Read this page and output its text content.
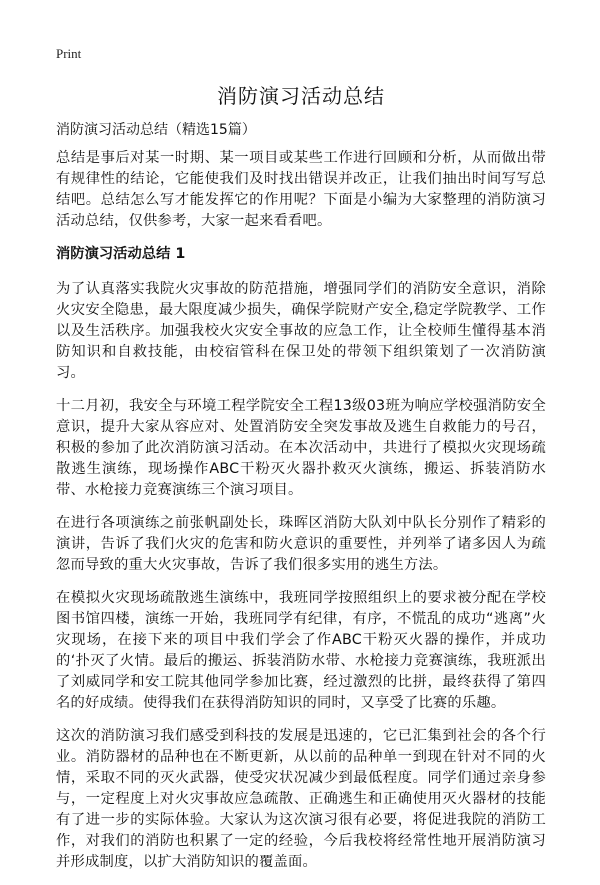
Print
消防演习活动总结

消防演习活动总结（精选15篇）

总结是事后对某一时期、某一项目或某些工作进行回顾和分析，从而做出带有规律性的结论，它能使我们及时找出错误并改正，让我们抽出时间写写总结吧。总结怎么写才能发挥它的作用呢？下面是小编为大家整理的消防演习活动总结，仅供参考，大家一起来看看吧。

消防演习活动总结 1

为了认真落实我院火灾事故的防范措施，增强同学们的消防安全意识，消除火灾安全隐患，最大限度减少损失，确保学院财产安全,稳定学院教学、工作以及生活秩序。加强我校火灾安全事故的应急工作，让全校师生懂得基本消防知识和自救技能，由校宿管科在保卫处的带领下组织策划了一次消防演习。

十二月初，我安全与环境工程学院安全工程13级03班为响应学校强消防安全意识，提升大家从容应对、处置消防安全突发事故及逃生自救能力的号召，积极的参加了此次消防演习活动。在本次活动中，共进行了模拟火灾现场疏散逃生演练，现场操作ABC干粉灭火器扑救灭火演练，搬运、拆装消防水带、水枪接力竞赛演练三个演习项目。

在进行各项演练之前张帆副处长，珠晖区消防大队刘中队长分别作了精彩的演讲，告诉了我们火灾的危害和防火意识的重要性，并列举了诸多因人为疏忽而导致的重大火灾事故，告诉了我们很多实用的逃生方法。

在模拟火灾现场疏散逃生演练中，我班同学按照组织上的要求被分配在学校图书馆四楼，演练一开始，我班同学有纪律，有序，不慌乱的成功“逃离”火灾现场，在接下来的项目中我们学会了作ABC干粉灭火器的操作，并成功的‘扑灭了火情。最后的搬运、拆装消防水带、水枪接力竞赛演练，我班派出了刘威同学和安工院其他同学参加比赛，经过激烈的比拼，最终获得了第四名的好成绩。使得我们在获得消防知识的同时，又享受了比赛的乐趣。

这次的消防演习我们感受到科技的发展是迅速的，它已汇集到社会的各个行业。消防器材的品种也在不断更新，从以前的品种单一到现在针对不同的火情，采取不同的灭火武器，使受灾状况减少到最低程度。同学们通过亲身参与，一定程度上对火灾事故应急疏散、正确逃生和正确使用灭火器材的技能有了进一步的实际体验。大家认为这次演习很有必要，将促进我院的消防工作，对我们的消防也积累了一定的经验，今后我校将经常性地开展消防演习并形成制度，以扩大消防知识的覆盖面。
